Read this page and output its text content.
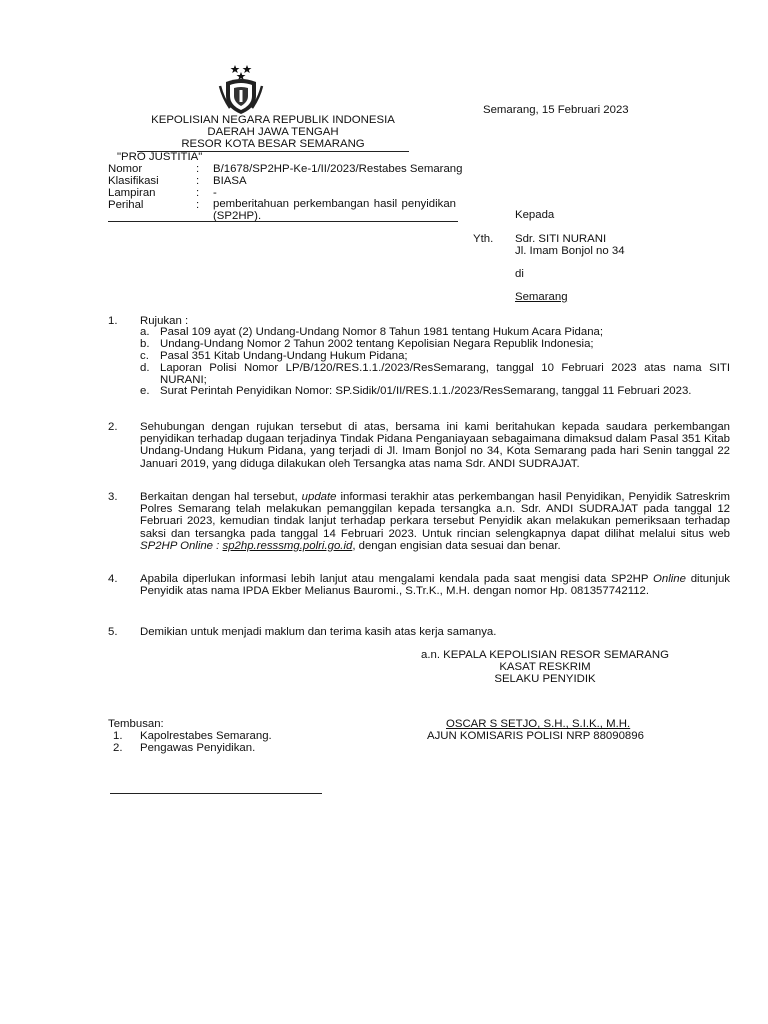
Semarang, 15 Februari 2023
KEPOLISIAN NEGARA REPUBLIK INDONESIA
DAERAH JAWA TENGAH
RESOR KOTA BESAR SEMARANG
"PRO JUSTITIA"
Nomor	: B/1678/SP2HP-Ke-1/II/2023/Restabes Semarang
Klasifikasi	: BIASA
Lampiran	: -
Perihal	: pemberitahuan perkembangan hasil penyidikan (SP2HP).	Kepada
Yth. Sdr. SITI NURANI
Jl. Imam Bonjol no 34
di
Semarang
1. Rujukan :
a. Pasal 109 ayat (2) Undang-Undang Nomor 8 Tahun 1981 tentang Hukum Acara Pidana;
b. Undang-Undang Nomor 2 Tahun 2002 tentang Kepolisian Negara Republik Indonesia;
c. Pasal 351 Kitab Undang-Undang Hukum Pidana;
d. Laporan Polisi Nomor LP/B/120/RES.1.1./2023/ResSemarang, tanggal 10 Februari 2023 atas nama SITI NURANI;
e. Surat Perintah Penyidikan Nomor: SP.Sidik/01/II/RES.1.1./2023/ResSemarang, tanggal 11 Februari 2023.
2. Sehubungan dengan rujukan tersebut di atas, bersama ini kami beritahukan kepada saudara perkembangan penyidikan terhadap dugaan terjadinya Tindak Pidana Penganiayaan sebagaimana dimaksud dalam Pasal 351 Kitab Undang-Undang Hukum Pidana, yang terjadi di Jl. Imam Bonjol no 34, Kota Semarang pada hari Senin tanggal 22 Januari 2019, yang diduga dilakukan oleh Tersangka atas nama Sdr. ANDI SUDRAJAT.
3. Berkaitan dengan hal tersebut, update informasi terakhir atas perkembangan hasil Penyidikan, Penyidik Satreskrim Polres Semarang telah melakukan pemanggilan kepada tersangka a.n. Sdr. ANDI SUDRAJAT pada tanggal 12 Februari 2023, kemudian tindak lanjut terhadap perkara tersebut Penyidik akan melakukan pemeriksaan terhadap saksi dan tersangka pada tanggal 14 Februari 2023. Untuk rincian selengkapnya dapat dilihat melalui situs web SP2HP Online : sp2hp.resssmg.polri.go.id, dengan engisian data sesuai dan benar.
4. Apabila diperlukan informasi lebih lanjut atau mengalami kendala pada saat mengisi data SP2HP Online ditunjuk Penyidik atas nama IPDA Ekber Melianus Bauromi., S.Tr.K., M.H. dengan nomor Hp. 081357742112.
5. Demikian untuk menjadi maklum dan terima kasih atas kerja samanya.
a.n. KEPALA KEPOLISIAN RESOR SEMARANG
KASAT RESKRIM
SELAKU PENYIDIK
OSCAR S SETJO, S.H., S.I.K., M.H.
AJUN KOMISARIS POLISI NRP 88090896
Tembusan:
1. Kapolrestabes Semarang.
2. Pengawas Penyidikan.
